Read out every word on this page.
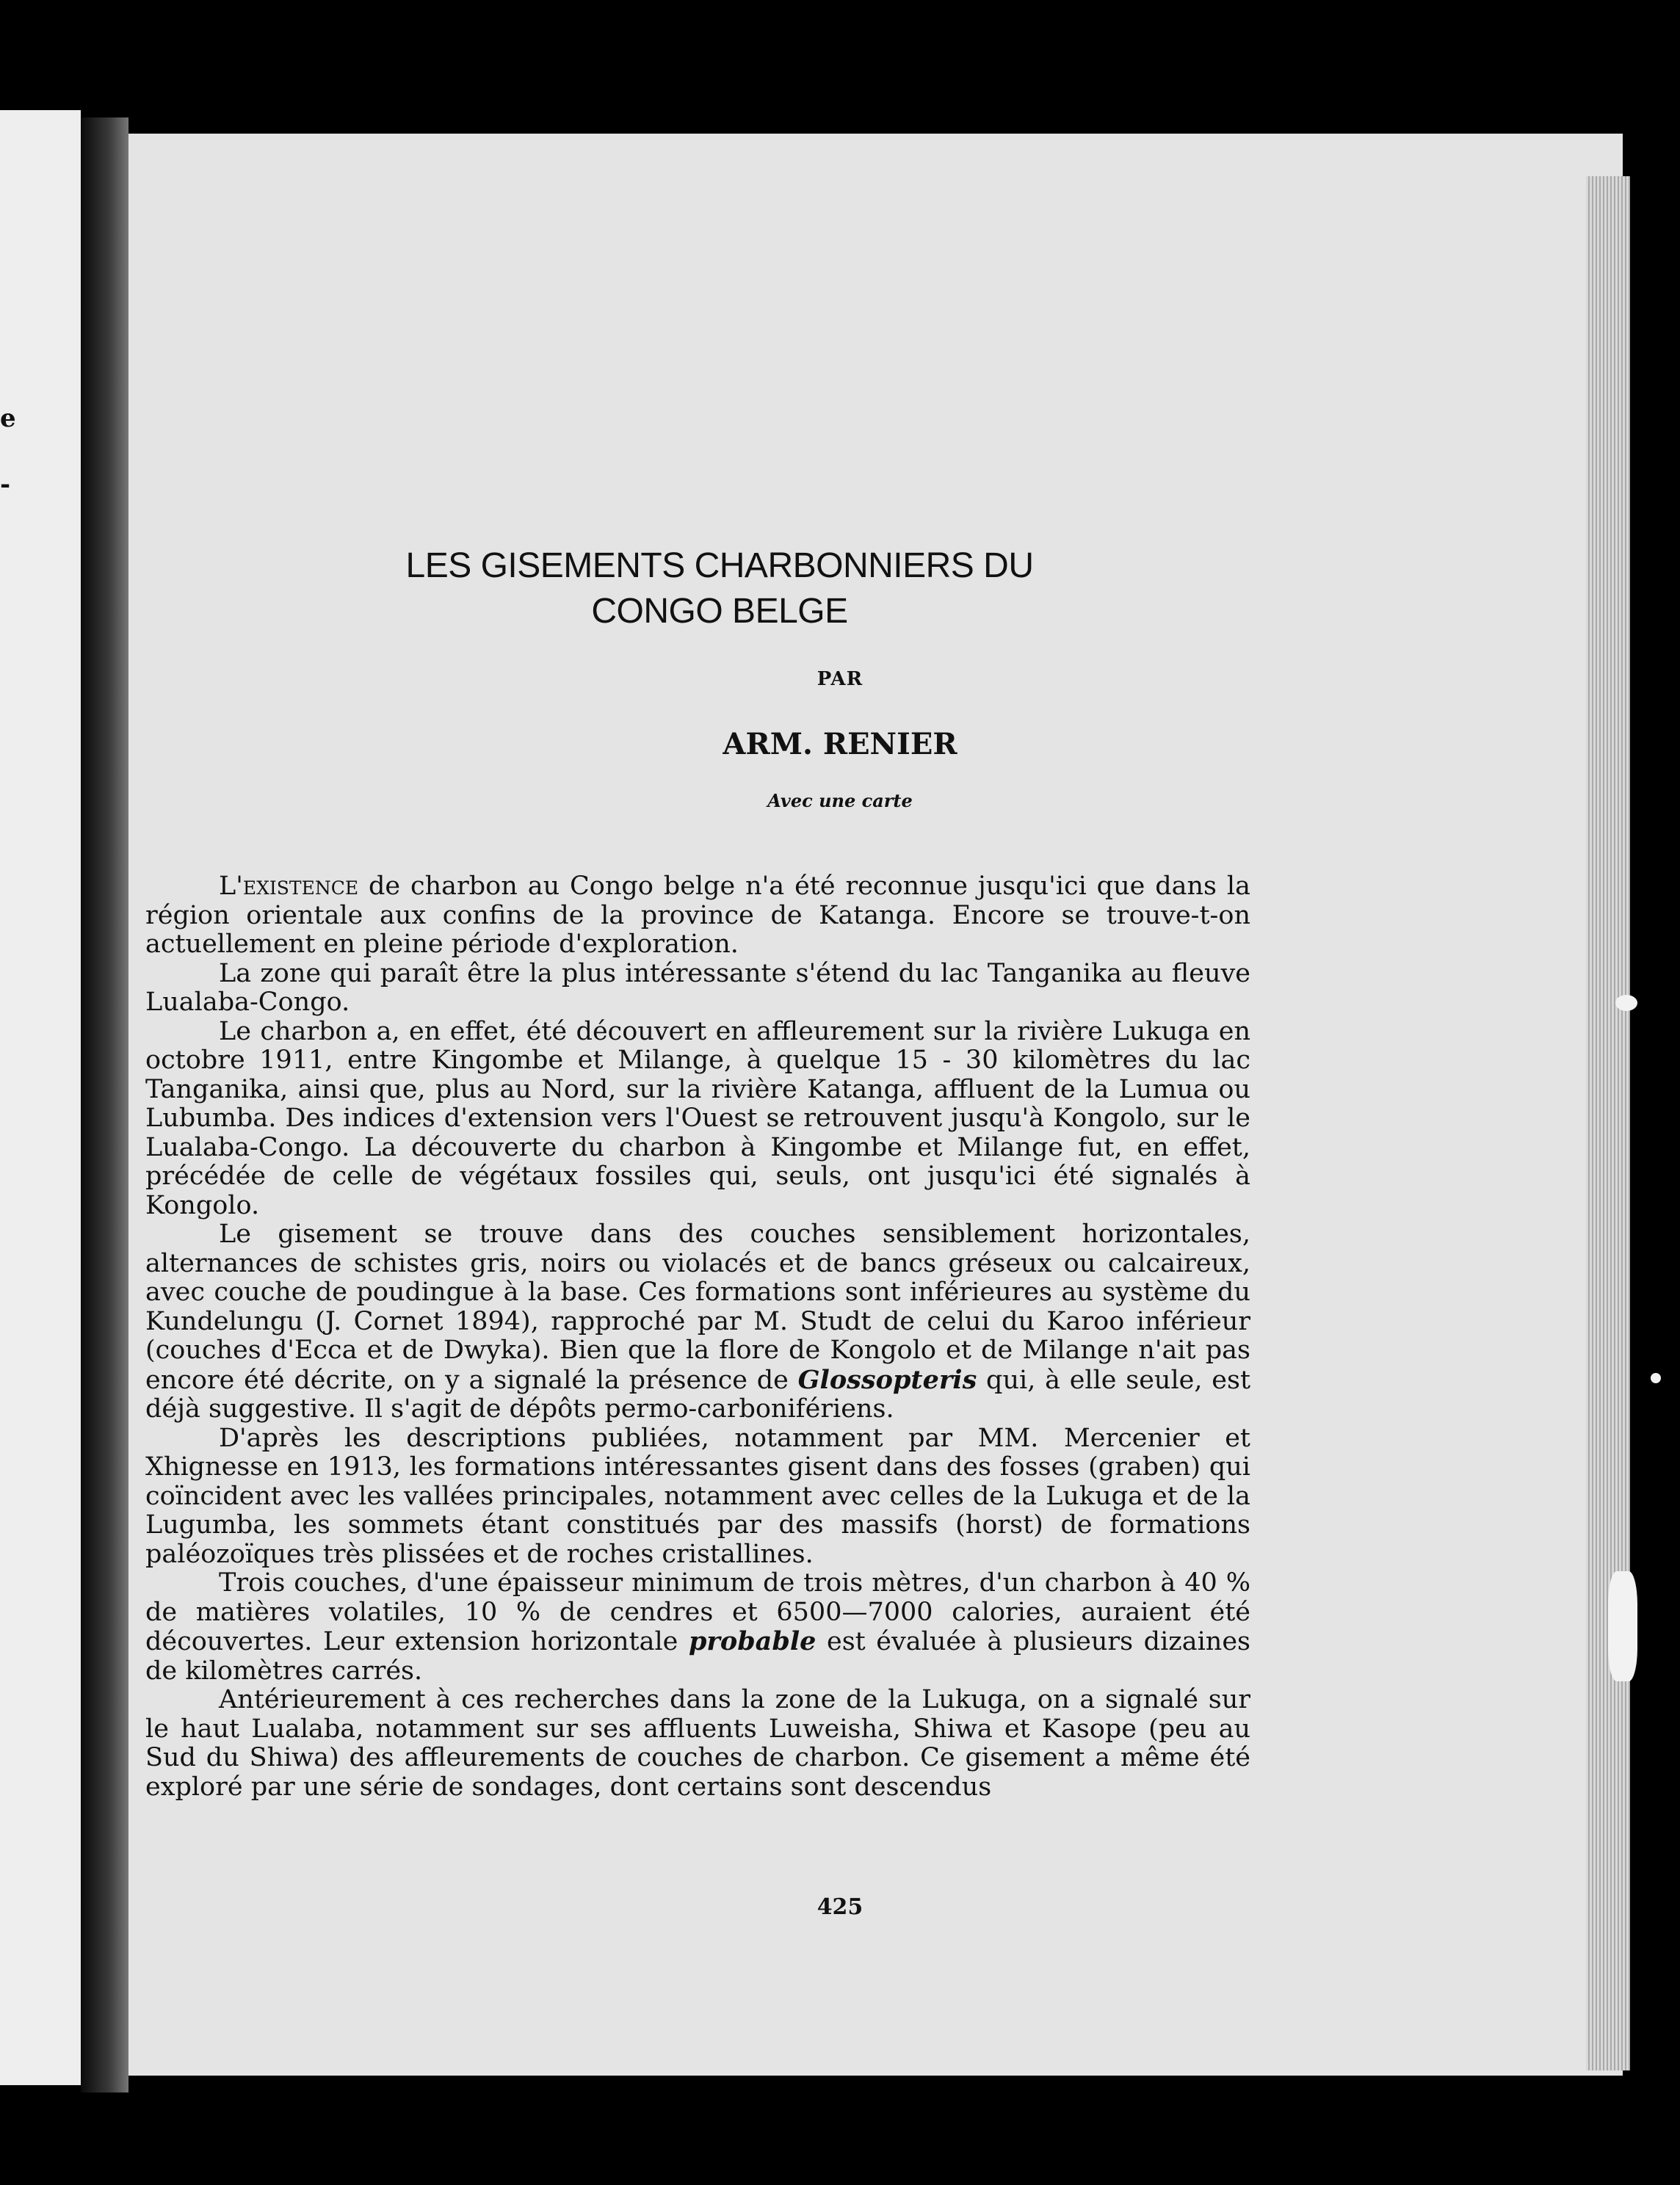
e
-
LES GISEMENTS CHARBONNIERS DU
CONGO BELGE
PAR
ARM. RENIER
Avec une carte

L'existence de charbon au Congo belge n'a été reconnue jusqu'ici que dans la région orientale aux confins de la province de Katanga. Encore se trouve-t-on actuellement en pleine période d'exploration.

La zone qui paraît être la plus intéressante s'étend du lac Tanganika au fleuve Lualaba-Congo.

Le charbon a, en effet, été découvert en affleurement sur la rivière Lukuga en octobre 1911, entre Kingombe et Milange, à quelque 15 - 30 kilomètres du lac Tanganika, ainsi que, plus au Nord, sur la rivière Katanga, affluent de la Lumua ou Lubumba. Des indices d'extension vers l'Ouest se retrouvent jusqu'à Kongolo, sur le Lualaba-Congo. La découverte du charbon à Kingombe et Milange fut, en effet, précédée de celle de végétaux fossiles qui, seuls, ont jusqu'ici été signalés à Kongolo.

Le gisement se trouve dans des couches sensiblement horizontales, alternances de schistes gris, noirs ou violacés et de bancs gréseux ou calcaireux, avec couche de poudingue à la base. Ces formations sont inférieures au système du Kundelungu (J. Cornet 1894), rapproché par M. Studt de celui du Karoo inférieur (couches d'Ecca et de Dwyka). Bien que la flore de Kongolo et de Milange n'ait pas encore été décrite, on y a signalé la présence de Glossopteris qui, à elle seule, est déjà suggestive. Il s'agit de dépôts permo-carbonifériens.

D'après les descriptions publiées, notamment par MM. Mercenier et Xhignesse en 1913, les formations intéressantes gisent dans des fosses (graben) qui coïncident avec les vallées principales, notamment avec celles de la Lukuga et de la Lugumba, les sommets étant constitués par des massifs (horst) de formations paléozoïques très plissées et de roches cristallines.

Trois couches, d'une épaisseur minimum de trois mètres, d'un charbon à 40 % de matières volatiles, 10 % de cendres et 6500—7000 calories, auraient été découvertes. Leur extension horizontale probable est évaluée à plusieurs dizaines de kilomètres carrés.

Antérieurement à ces recherches dans la zone de la Lukuga, on a signalé sur le haut Lualaba, notamment sur ses affluents Luweisha, Shiwa et Kasope (peu au Sud du Shiwa) des affleurements de couches de charbon. Ce gisement a même été exploré par une série de sondages, dont certains sont descendus

425
